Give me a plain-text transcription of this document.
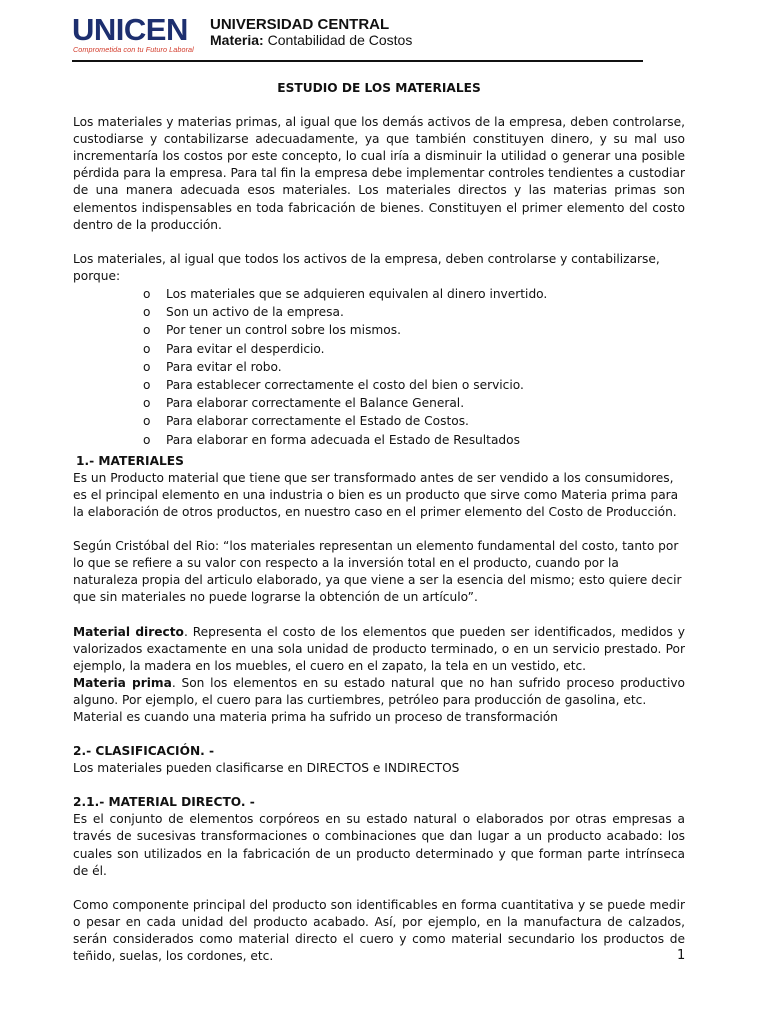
UNICEN
Comprometida con tu Futuro Laboral
UNIVERSIDAD CENTRAL
Materia: Contabilidad de Costos

ESTUDIO DE LOS MATERIALES

Los materiales y materias primas, al igual que los demás activos de la empresa, deben controlarse, custodiarse y contabilizarse adecuadamente, ya que también constituyen dinero, y su mal uso incrementaría los costos por este concepto, lo cual iría a disminuir la utilidad o generar una posible pérdida para la empresa. Para tal fin la empresa debe implementar controles tendientes a custodiar de una manera adecuada esos materiales. Los materiales directos y las materias primas son elementos indispensables en toda fabricación de bienes. Constituyen el primer elemento del costo dentro de la producción.

Los materiales, al igual que todos los activos de la empresa, deben controlarse y contabilizarse, porque:

o Los materiales que se adquieren equivalen al dinero invertido.
o Son un activo de la empresa.
o Por tener un control sobre los mismos.
o Para evitar el desperdicio.
o Para evitar el robo.
o Para establecer correctamente el costo del bien o servicio.
o Para elaborar correctamente el Balance General.
o Para elaborar correctamente el Estado de Costos.
o Para elaborar en forma adecuada el Estado de Resultados

1.- MATERIALES

Es un Producto material que tiene que ser transformado antes de ser vendido a los consumidores, es el principal elemento en una industria o bien es un producto que sirve como Materia prima para la elaboración de otros productos, en nuestro caso en el primer elemento del Costo de Producción.

Según Cristóbal del Rio: “los materiales representan un elemento fundamental del costo, tanto por lo que se refiere a su valor con respecto a la inversión total en el producto, cuando por la naturaleza propia del articulo elaborado, ya que viene a ser la esencia del mismo; esto quiere decir que sin materiales no puede lograrse la obtención de un artículo”.

Material directo. Representa el costo de los elementos que pueden ser identificados, medidos y valorizados exactamente en una sola unidad de producto terminado, o en un servicio prestado. Por ejemplo, la madera en los muebles, el cuero en el zapato, la tela en un vestido, etc.

Materia prima. Son los elementos en su estado natural que no han sufrido proceso productivo alguno. Por ejemplo, el cuero para las curtiembres, petróleo para producción de gasolina, etc.

Material es cuando una materia prima ha sufrido un proceso de transformación

2.- CLASIFICACIÓN. -

Los materiales pueden clasificarse en DIRECTOS e INDIRECTOS

2.1.- MATERIAL DIRECTO. -

Es el conjunto de elementos corpóreos en su estado natural o elaborados por otras empresas a través de sucesivas transformaciones o combinaciones que dan lugar a un producto acabado: los cuales son utilizados en la fabricación de un producto determinado y que forman parte intrínseca de él.

Como componente principal del producto son identificables en forma cuantitativa y se puede medir o pesar en cada unidad del producto acabado. Así, por ejemplo, en la manufactura de calzados, serán considerados como material directo el cuero y como material secundario los productos de teñido, suelas, los cordones, etc.	1
